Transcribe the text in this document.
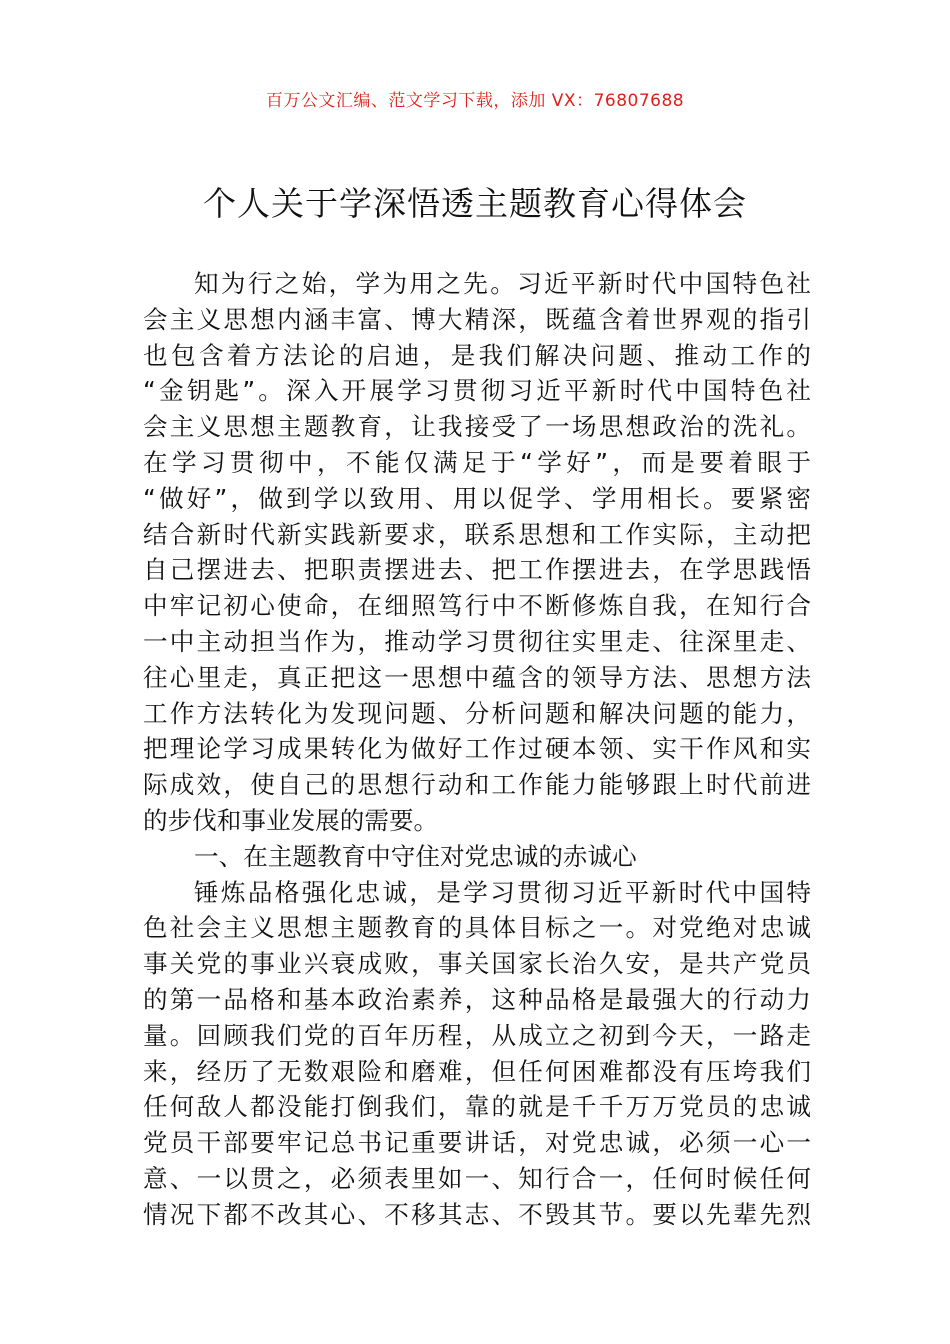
百万公文汇编、范文学习下载，添加 VX：76807688
个人关于学深悟透主题教育心得体会
知为行之始，学为用之先。习近平新时代中国特色社
会主义思想内涵丰富、博大精深，既蕴含着世界观的指引
也包含着方法论的启迪，是我们解决问题、推动工作的
“金钥匙”。深入开展学习贯彻习近平新时代中国特色社
会主义思想主题教育，让我接受了一场思想政治的洗礼。
在学习贯彻中，不能仅满足于“学好”，而是要着眼于
“做好”，做到学以致用、用以促学、学用相长。要紧密
结合新时代新实践新要求，联系思想和工作实际，主动把
自己摆进去、把职责摆进去、把工作摆进去，在学思践悟
中牢记初心使命，在细照笃行中不断修炼自我，在知行合
一中主动担当作为，推动学习贯彻往实里走、往深里走、
往心里走，真正把这一思想中蕴含的领导方法、思想方法
工作方法转化为发现问题、分析问题和解决问题的能力，
把理论学习成果转化为做好工作过硬本领、实干作风和实
际成效，使自己的思想行动和工作能力能够跟上时代前进
的步伐和事业发展的需要。
一、在主题教育中守住对党忠诚的赤诚心
锤炼品格强化忠诚，是学习贯彻习近平新时代中国特
色社会主义思想主题教育的具体目标之一。对党绝对忠诚
事关党的事业兴衰成败，事关国家长治久安，是共产党员
的第一品格和基本政治素养，这种品格是最强大的行动力
量。回顾我们党的百年历程，从成立之初到今天，一路走
来，经历了无数艰险和磨难，但任何困难都没有压垮我们
任何敌人都没能打倒我们，靠的就是千千万万党员的忠诚
党员干部要牢记总书记重要讲话，对党忠诚，必须一心一
意、一以贯之，必须表里如一、知行合一，任何时候任何
情况下都不改其心、不移其志、不毁其节。要以先辈先烈
